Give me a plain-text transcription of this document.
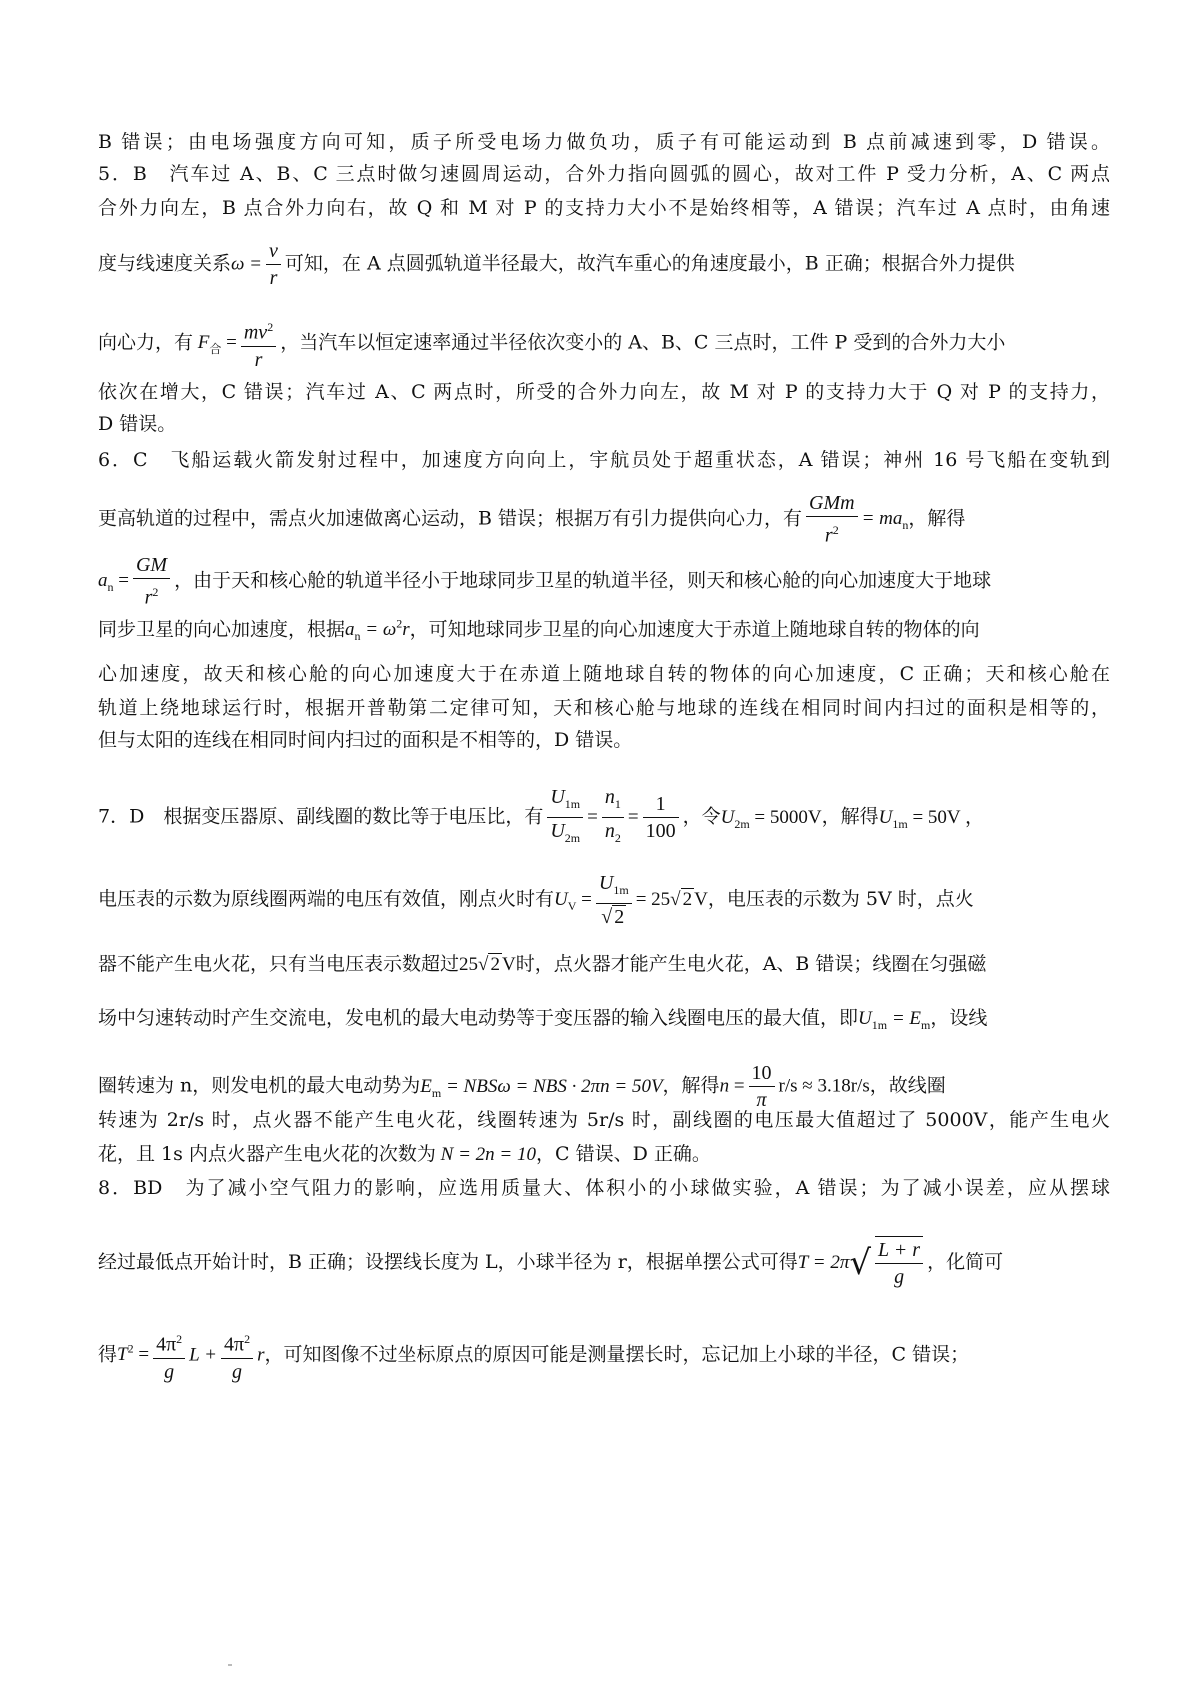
B 错误；由电场强度方向可知，质子所受电场力做负功，质子有可能运动到 B 点前减速到零，D 错误。
5．B　汽车过 A、B、C 三点时做匀速圆周运动，合外力指向圆弧的圆心，故对工件 P 受力分析，A、C 两点
合外力向左，B 点合外力向右，故 Q 和 M 对 P 的支持力大小不是始终相等，A 错误；汽车过 A 点时，由角速
度与线速度关系$\omega = \frac{v}{r}$ 可知，在 A 点圆弧轨道半径最大，故汽车重心的角速度最小，B 正确；根据合外力提供
向心力，有 $F_合 = \frac{mv^2}{r}$ ，当汽车以恒定速率通过半径依次变小的 A、B、C 三点时，工件 P 受到的合外力大小
依次在增大，C 错误；汽车过 A、C 两点时，所受的合外力向左，故 M 对 P 的支持力大于 Q 对 P 的支持力，
D 错误。
6．C　飞船运载火箭发射过程中，加速度方向向上，宇航员处于超重状态，A 错误；神州 16 号飞船在变轨到
更高轨道的过程中，需点火加速做离心运动，B 错误；根据万有引力提供向心力，有 $\frac{\text{GMm}}{r^2} = ma_n$，解得
$a_n = \frac{GM}{r^2}$ ，由于天和核心舱的轨道半径小于地球同步卫星的轨道半径，则天和核心舱的向心加速度大于地球
同步卫星的向心加速度，根据$a_n = \omega^2r$，可知地球同步卫星的向心加速度大于赤道上随地球自转的物体的向
心加速度，故天和核心舱的向心加速度大于在赤道上随地球自转的物体的向心加速度，C 正确；天和核心舱在
轨道上绕地球运行时，根据开普勒第二定律可知，天和核心舱与地球的连线在相同时间内扫过的面积是相等的，
但与太阳的连线在相同时间内扫过的面积是不相等的，D 错误。
7．D　根据变压器原、副线圈的数比等于电压比，有 $\frac{U_{1m}}{U_{2m}} = \frac{n_1}{n_2} = \frac{1}{100}$ ，令$U_{2m} = 5000V$，解得$U_{1m} = 50V$ ，
电压表的示数为原线圈两端的电压有效值，刚点火时有$U_V = \frac{U_{1m}}{√ 2} = 25√$ 2 V，电压表的示数为 5V 时，点火
器不能产生电火花，只有当电压表示数超过25√ 2 V时，点火器才能产生电火花，A、B 错误；线圈在匀强磁
场中匀速转动时产生交流电，发电机的最大电动势等于变压器的输入线圈电压的最大值，即$U_{1m} = E_m$，设线
圈转速为 n，则发电机的最大电动势为$E_m = NBS\omega$ = NBS · 2πn = 50V，解得$n = \frac{10}{\pi} r/s \approx 3.18r/s$，故线圈
转速为 2r/s 时，点火器不能产生电火花，线圈转速为 5r/s 时，副线圈的电压最大值超过了 5000V，能产生电火
花，且 1s 内点火器产生电火花的次数为 N = 2n = 10，C 错误、D 正确。
8．BD　为了减小空气阻力的影响，应选用质量大、体积小的小球做实验，A 错误；为了减小误差，应从摆球
经过最低点开始计时，B 正确；设摆线长度为 L，小球半径为 r，根据单摆公式可得$T = 2\pi√ \frac{L + r}{g}$ ，化简可
得$T^2 = \frac{4\pi^2}{g}$ $L + \frac{4\pi^2}{g}$ r，可知图像不过坐标原点的原因可能是测量摆长时，忘记加上小球的半径，C 错误；
